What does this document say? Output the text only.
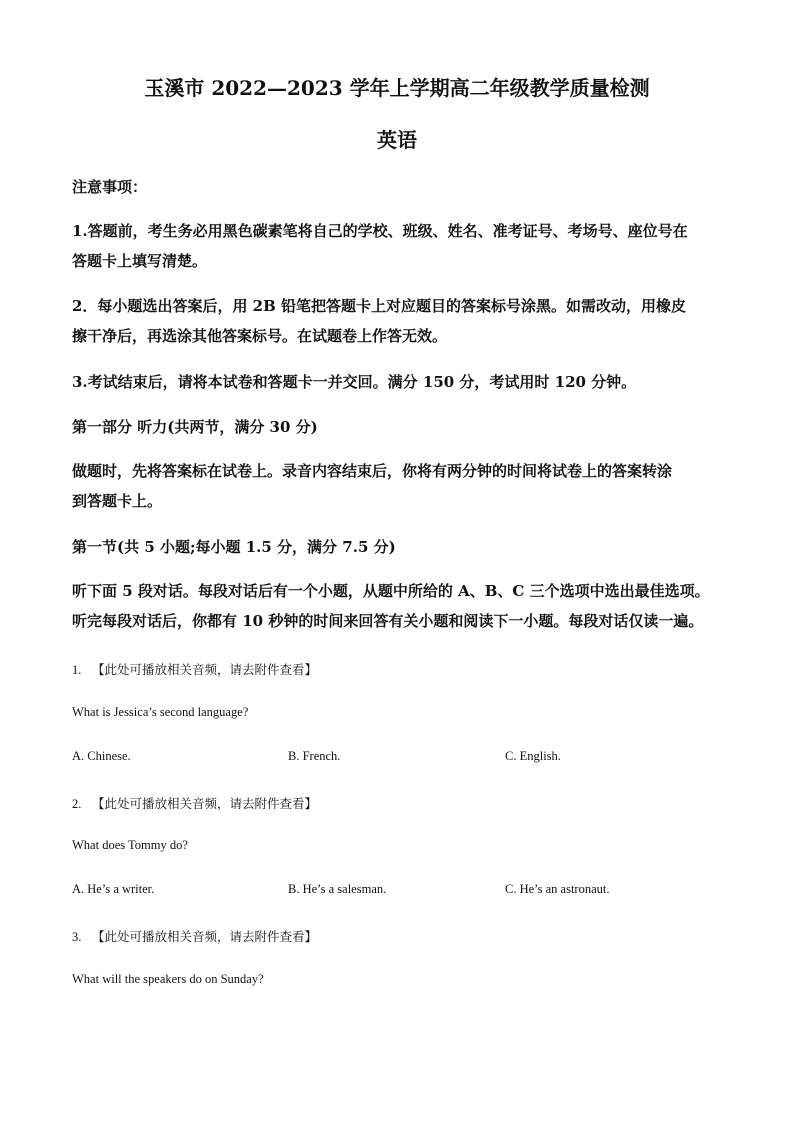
玉溪市 2022—2023 学年上学期高二年级教学质量检测
英语
注意事项：
1.答题前，考生务必用黑色碳素笔将自己的学校、班级、姓名、准考证号、考场号、座位号在
答题卡上填写清楚。
2．每小题选出答案后，用 2B 铅笔把答题卡上对应题目的答案标号涂黑。如需改动，用橡皮
擦干净后，再选涂其他答案标号。在试题卷上作答无效。
3.考试结束后，请将本试卷和答题卡一并交回。满分 150 分，考试用时 120 分钟。
第一部分 听力(共两节，满分 30 分)
做题时，先将答案标在试卷上。录音内容结束后，你将有两分钟的时间将试卷上的答案转涂
到答题卡上。
第一节(共 5 小题;每小题 1.5 分，满分 7.5 分)
听下面 5 段对话。每段对话后有一个小题，从题中所给的 A、B、C 三个选项中选出最佳选项。
听完每段对话后，你都有 10 秒钟的时间来回答有关小题和阅读下一小题。每段对话仅读一遍。
1. 【此处可播放相关音频，请去附件查看】
What is Jessica’s second language?
A. Chinese.	B. French.	C. English.
2. 【此处可播放相关音频，请去附件查看】
What does Tommy do?
A. He’s a writer.	B. He’s a salesman.	C. He’s an astronaut.
3. 【此处可播放相关音频，请去附件查看】
What will the speakers do on Sunday?
